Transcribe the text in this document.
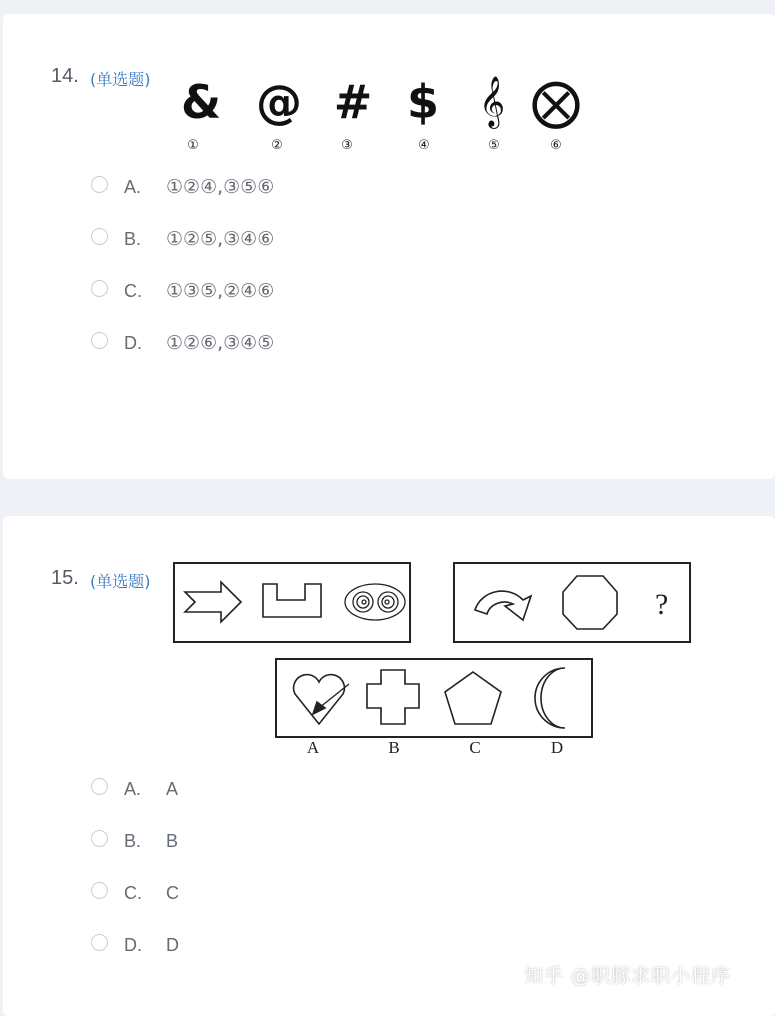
14. (单选题) & @ # $ 𝄞 ⨂
①	②	③	④	⑤	⑥
A. ①②④,③⑤⑥
B. ①②⑤,③④⑥
C. ①③⑤,②④⑥
D. ①②⑥,③④⑤
15. (单选题)
?
A	B	C	D
A. A
B. B
C. C
D. D
知乎 @职豚求职小程序
